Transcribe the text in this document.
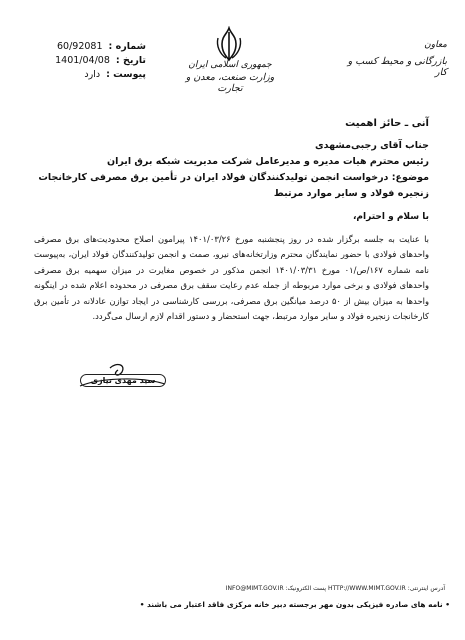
شماره :
60/92081
تاریخ :
1401/04/08
پیوست :
دارد
جمهوری اسلامی ایران
وزارت صنعت، معدن و تجارت
معاون
بازرگانی و محیط کسب و کار
آنی ـ حائز اهمیت
جناب آقای رجبی‌مشهدی
رئیس محترم هیات مدیره و مدیرعامل شرکت مدیریت شبکه برق ایران
موضوع: درخواست انجمن تولیدکنندگان فولاد ایران در تأمین برق مصرفی کارخانجات زنجیره فولاد و سایر موارد مرتبط
با سلام و احترام،
با عنایت به جلسه برگزار شده در روز پنجشنبه مورخ ۱۴۰۱/۰۳/۲۶ پیرامون اصلاح محدودیت‌های برق مصرفی واحدهای فولادی با حضور نمایندگان محترم وزارتخانه‌های نیرو، صمت و انجمن تولیدکنندگان فولاد ایران، به‌پیوست نامه شماره ۱۶۷/ص/۰۱ مورخ ۱۴۰۱/۰۳/۳۱ انجمن مذکور در خصوص مغایرت در میزان سهمیه برق مصرفی واحدهای فولادی و برخی موارد مربوطه از جمله عدم رعایت سقف برق مصرفی در محدوده اعلام شده در اینگونه واحدها به میزان بیش از ۵۰ درصد میانگین برق مصرفی، بررسی کارشناسی در ایجاد توازن عادلانه در تأمین برق کارخانجات زنجیره فولاد و سایر موارد مرتبط، جهت استحضار و دستور اقدام لازم ارسال می‌گردد.
سید مهدی نیازی
آدرس اینترنتی: HTTP://WWW.MIMT.GOV.IR پست الکترونیک: INFO@MIMT.GOV.IR
• نامه های صادره فیزیکی بدون مهر برجسته دبیر خانه مرکزی فاقد اعتبار می باشند •
